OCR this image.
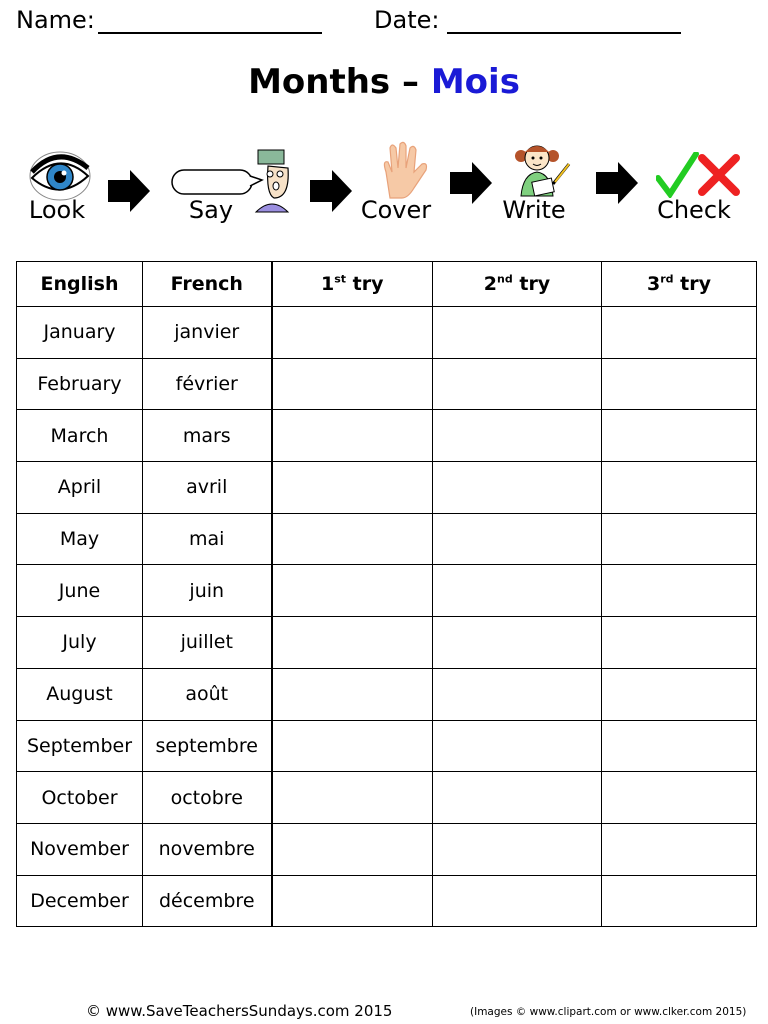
Name:	Date:
Months – Mois
Look	Say	Cover	Write	Check
English	French	1st try	2nd try	3rd try
January	janvier			
February	février			
March	mars			
April	avril			
May	mai			
June	juin			
July	juillet			
August	août			
September	septembre			
October	octobre			
November	novembre			
December	décembre			
© www.SaveTeachersSundays.com 2015	(Images © www.clipart.com or www.clker.com 2015)
